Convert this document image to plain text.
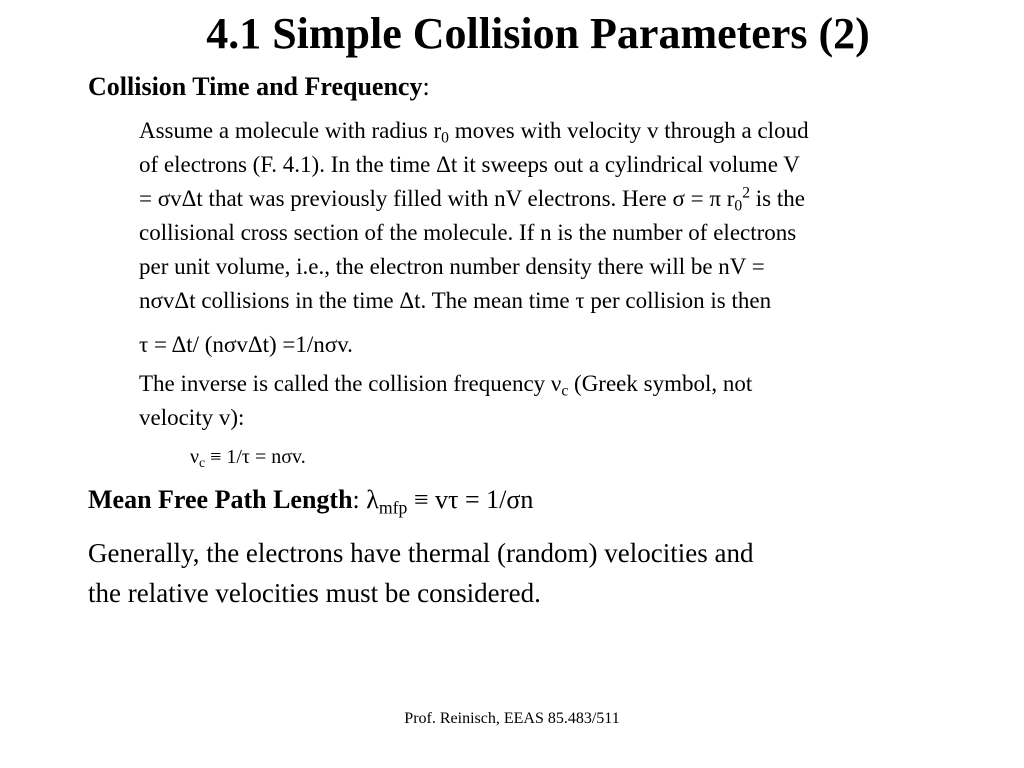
4.1 Simple Collision Parameters (2)
Collision Time and Frequency:
Assume a molecule with radius $r_0$ moves with velocity v through a cloud
of electrons (F. 4.1). In the time Δt it sweeps out a cylindrical volume V
= σvΔt that was previously filled with nV electrons. Here σ = π $r_0^2$ is the
collisional cross section of the molecule. If n is the number of electrons
per unit volume, i.e., the electron number density there will be nV =
nσvΔt collisions in the time Δt. The mean time τ per collision is then
τ = Δt/ (nσvΔt) =1/nσv.
The inverse is called the collision frequency $\nu_c$ (Greek symbol, not
velocity v):
$\nu_c \equiv 1/\tau = n\sigma v$.
Mean Free Path Length: $\lambda_{mfp} \equiv v\tau = 1/\sigma n$
Generally, the electrons have thermal (random) velocities and
the relative velocities must be considered.
Prof. Reinisch, EEAS 85.483/511
